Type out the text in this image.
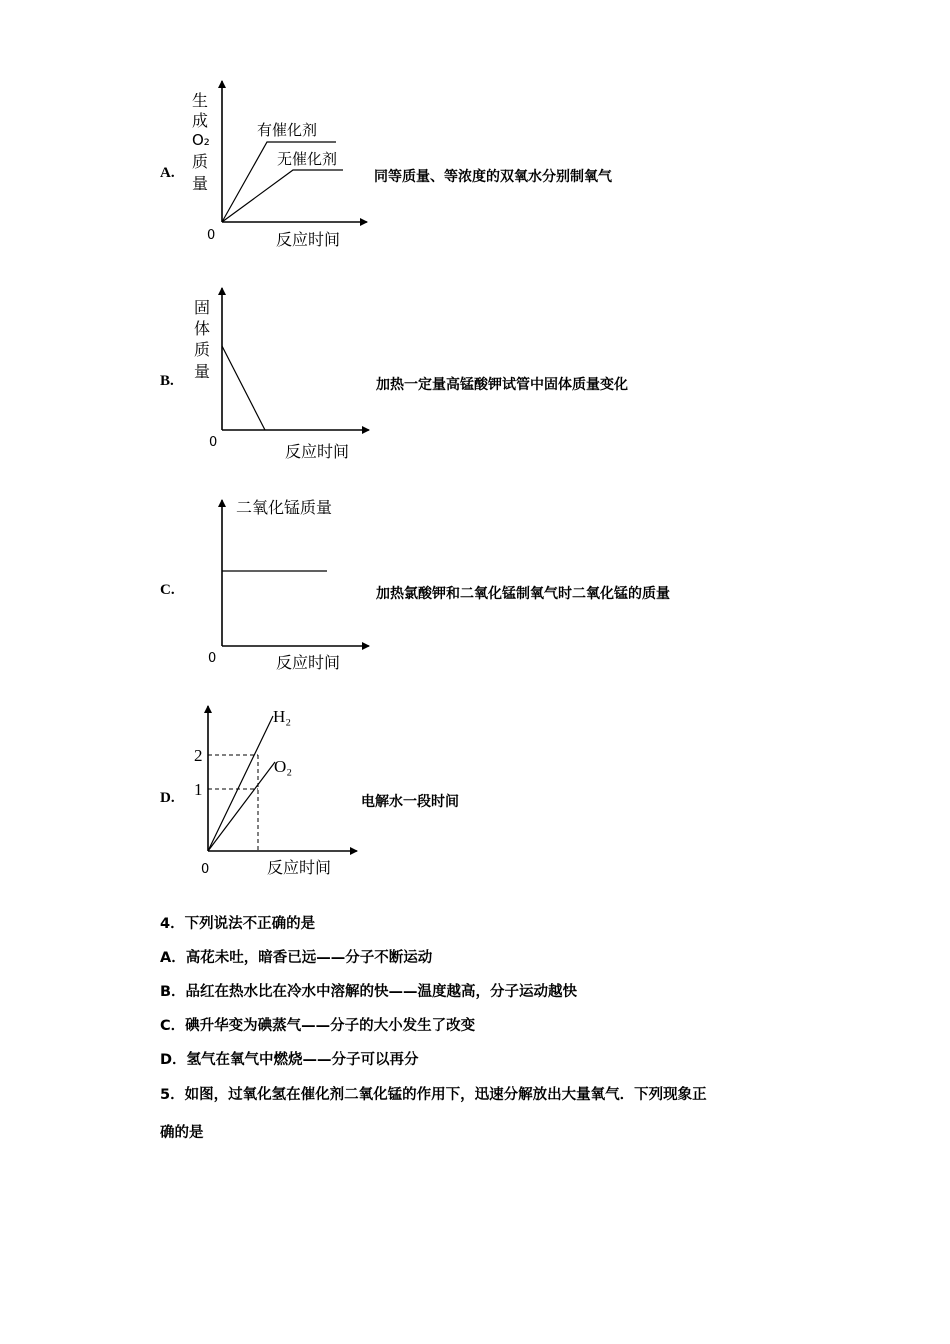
A.
生
成
O₂
质
量
0	反应时间
有催化剂
无催化剂
同等质量、等浓度的双氧水分别制氧气
B.
固
体
质
量
0	反应时间
加热一定量高锰酸钾试管中固体质量变化
C.
二氧化锰质量
0	反应时间
加热氯酸钾和二氧化锰制氧气时二氧化锰的质量
D.
2
1
H₂
O₂
0	反应时间
电解水一段时间
4．下列说法不正确的是
A．高花未吐，暗香已远——分子不断运动
B．品红在热水比在冷水中溶解的快——温度越高，分子运动越快
C．碘升华变为碘蒸气——分子的大小发生了改变
D．氢气在氧气中燃烧——分子可以再分
5．如图，过氧化氢在催化剂二氧化锰的作用下，迅速分解放出大量氧气．下列现象正
确的是
